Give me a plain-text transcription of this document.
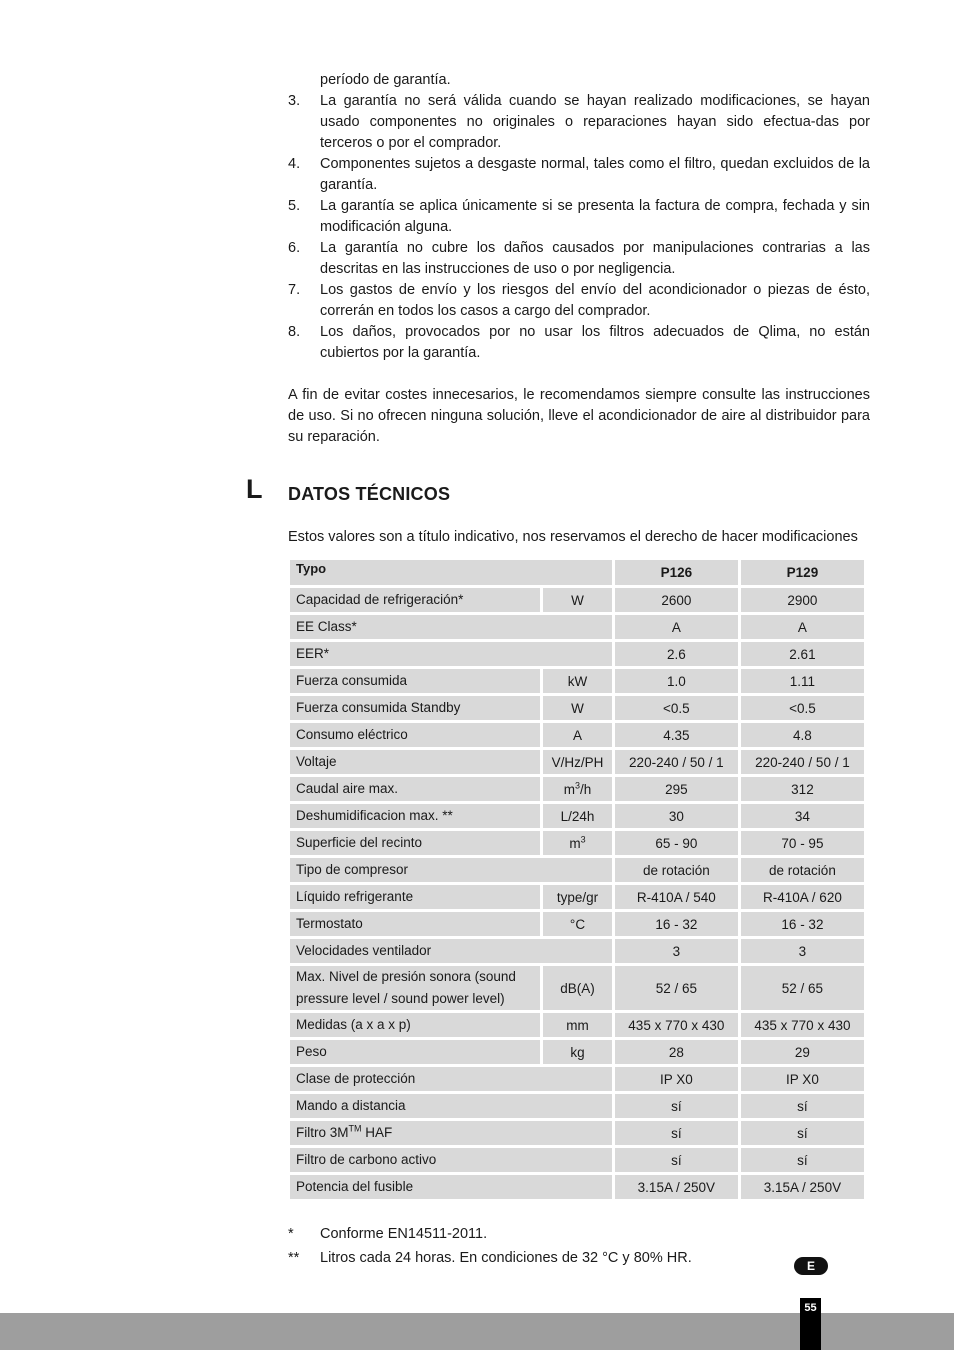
período de garantía.
3. La garantía no será válida cuando se hayan realizado modificaciones, se hayan usado componentes no originales o reparaciones hayan sido efectua-das por terceros o por el comprador.
4. Componentes sujetos a desgaste normal, tales como el filtro, quedan excluidos de la garantía.
5. La garantía se aplica únicamente si se presenta la factura de compra, fechada y sin modificación alguna.
6. La garantía no cubre los daños causados por manipulaciones contrarias a las descritas en las instrucciones de uso o por negligencia.
7. Los gastos de envío y los riesgos del envío del acondicionador o piezas de ésto, correrán en todos los casos a cargo del comprador.
8. Los daños, provocados por no usar los filtros adecuados de Qlima, no están cubiertos por la garantía.

A fin de evitar costes innecesarios, le recomendamos siempre consulte las instrucciones de uso. Si no ofrecen ninguna solución, lleve el acondicionador de aire al distribuidor para su reparación.

L DATOS TÉCNICOS
Estos valores son a título indicativo, nos reservamos el derecho de hacer modificaciones
Typo		P126	P129
Capacidad de refrigeración*	W	2600	2900
EE Class*		A	A
EER*		2.6	2.61
Fuerza consumida	kW	1.0	1.11
Fuerza consumida Standby	W	<0.5	<0.5
Consumo eléctrico	A	4.35	4.8
Voltaje	V/Hz/PH	220-240 / 50 / 1	220-240 / 50 / 1
Caudal aire max.	$m^3/h$	295	312
Deshumidificacion max. **	L/24h	30	34
Superficie del recinto	$m^3$	65 - 90	70 - 95
Tipo de compresor		de rotación	de rotación
Líquido refrigerante	type/gr	R-410A / 540	R-410A / 620
Termostato	°C	16 - 32	16 - 32
Velocidades ventilador		3	3
Max. Nivel de presión sonora (sound pressure level / sound power level)	dB(A)	52 / 65	52 / 65
Medidas (a x a x p)	mm	435 x 770 x 430	435 x 770 x 430
Peso	kg	28	29
Clase de protección		IP X0	IP X0
Mando a distancia		sí	sí
Filtro 3M™ HAF		sí	sí
Filtro de carbono activo		sí	sí
Potencia del fusible		3.15A / 250V	3.15A / 250V
* Conforme EN14511-2011.
** Litros cada 24 horas. En condiciones de 32 °C y 80% HR.	E
55
